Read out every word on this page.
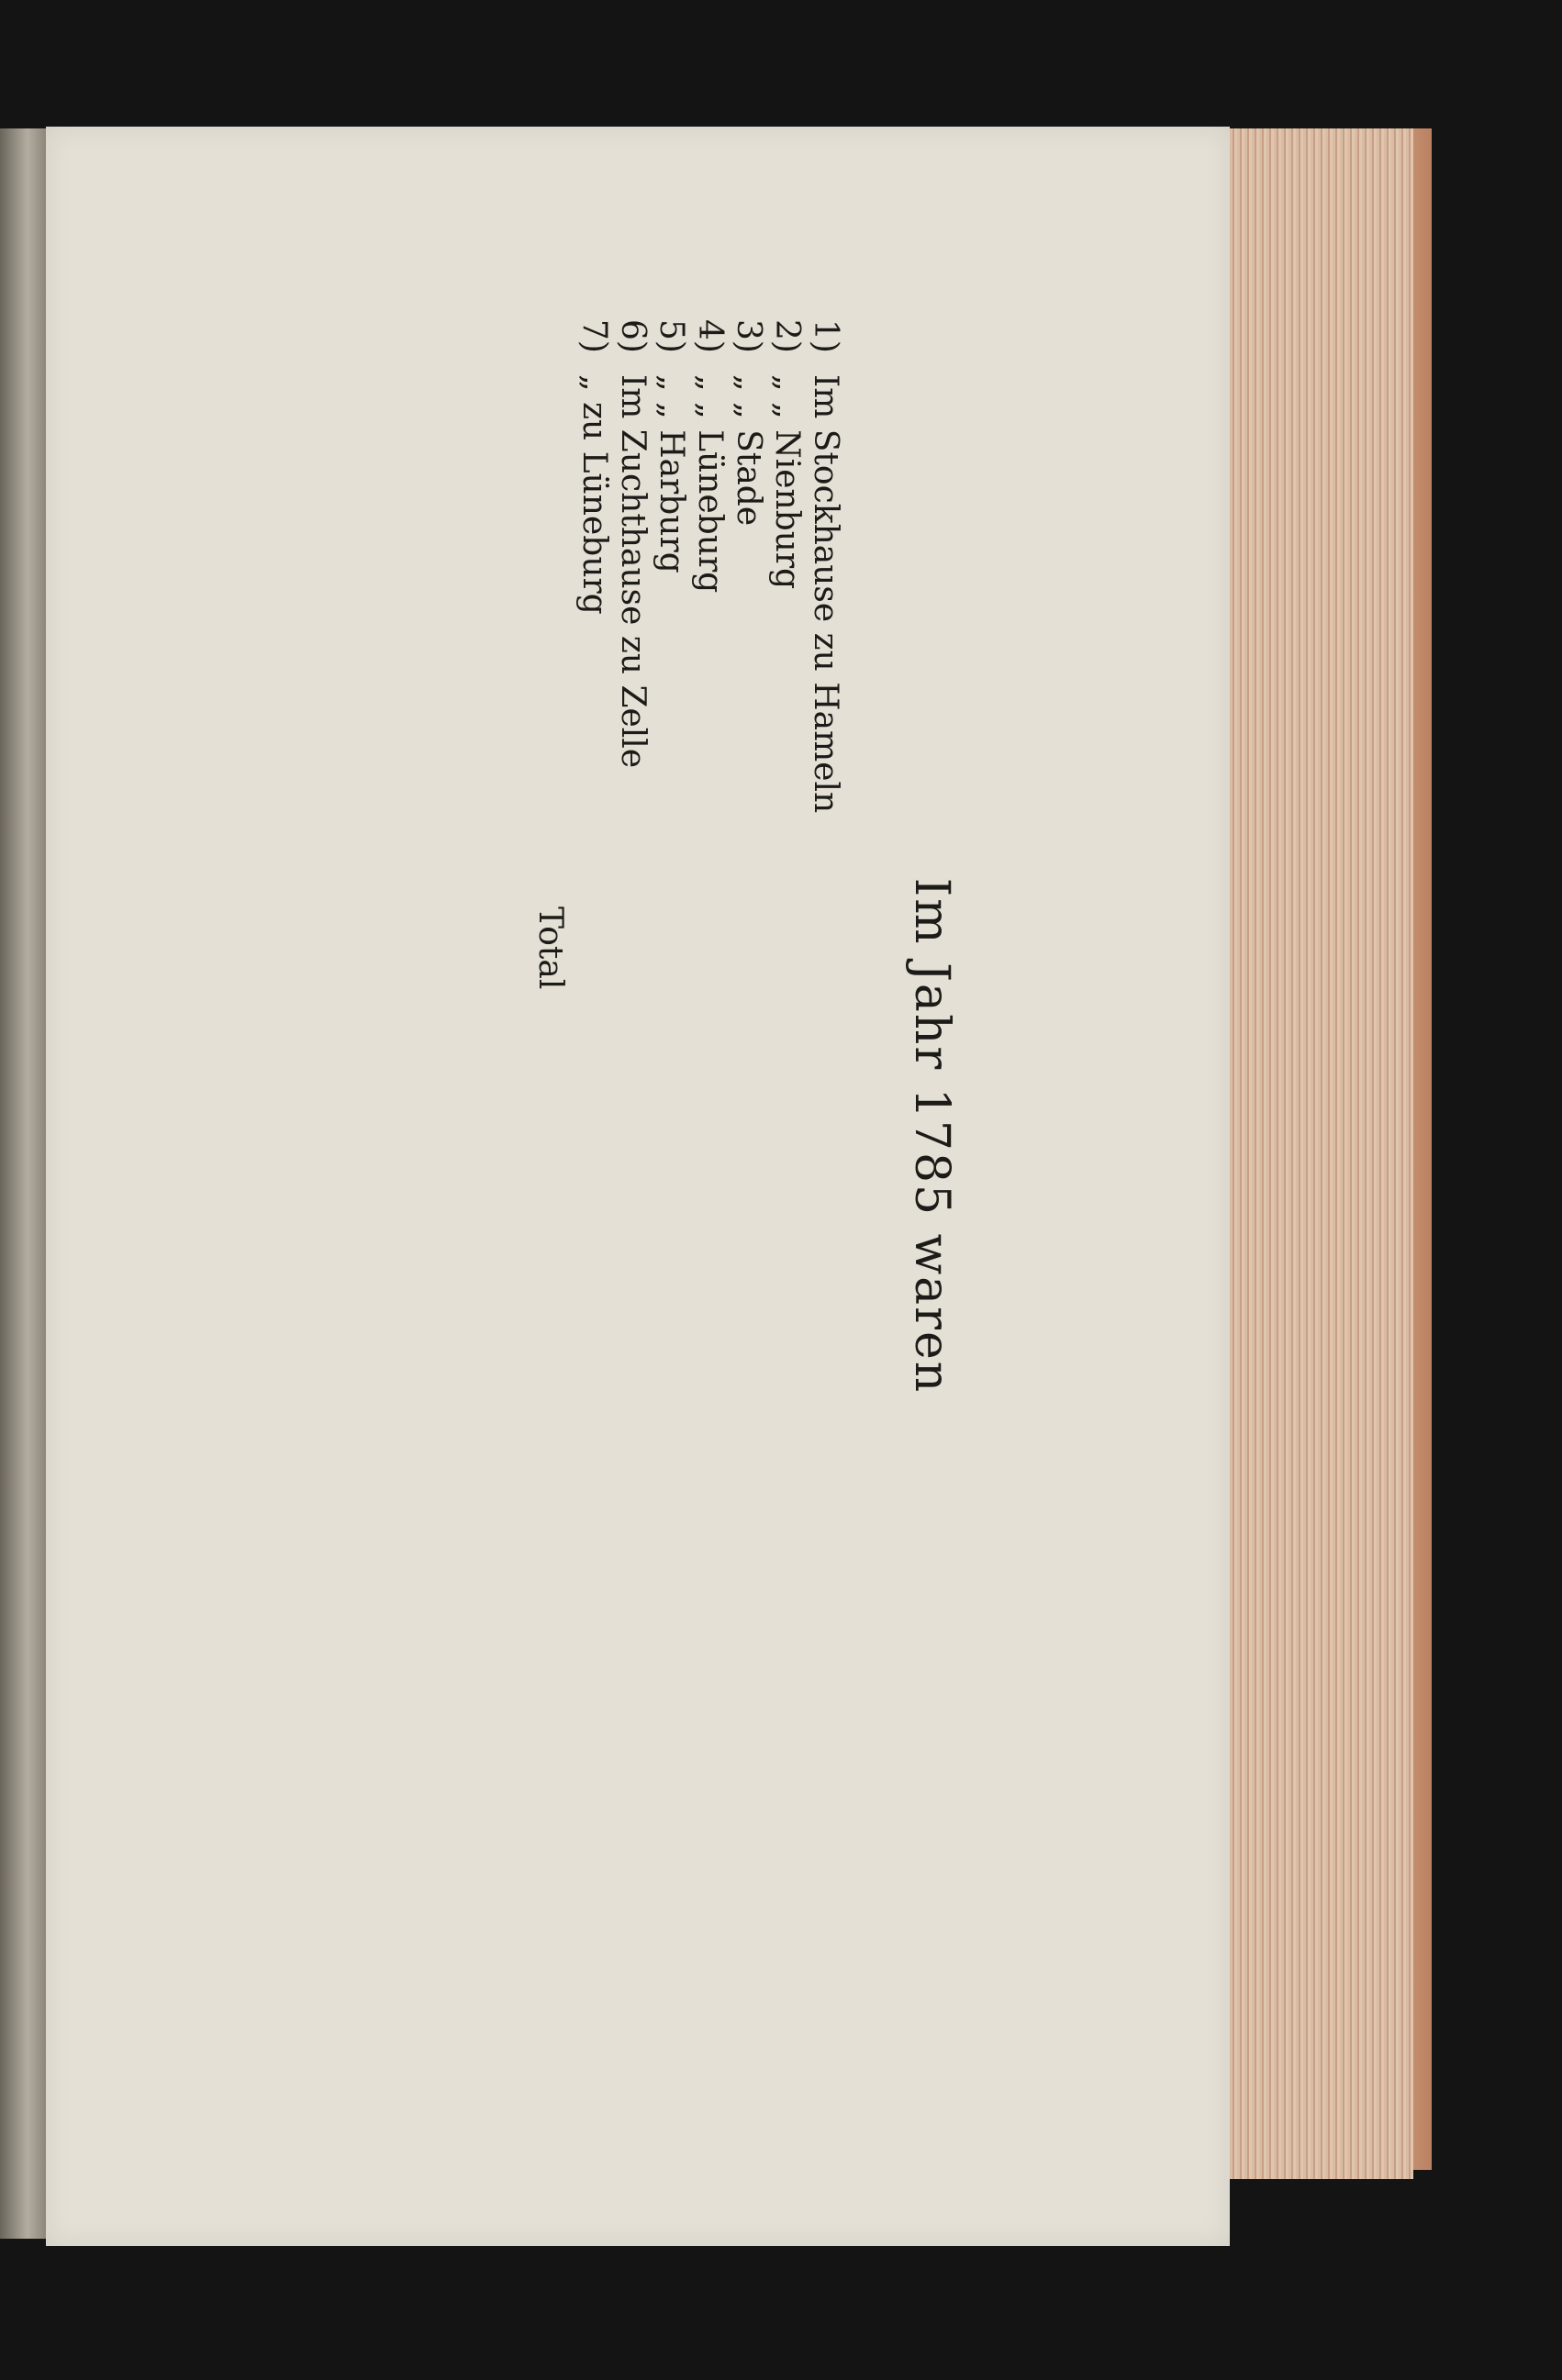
Im Jahr 1785 waren
1)Im Stockhause zu Hameln
2)„ „ Nienburg
3)„ „ Stade
4)„ „ Lüneburg
5)„ „ Harburg
6)Im Zuchthause zu Zelle
7)„ zu Lüneburg
Total
